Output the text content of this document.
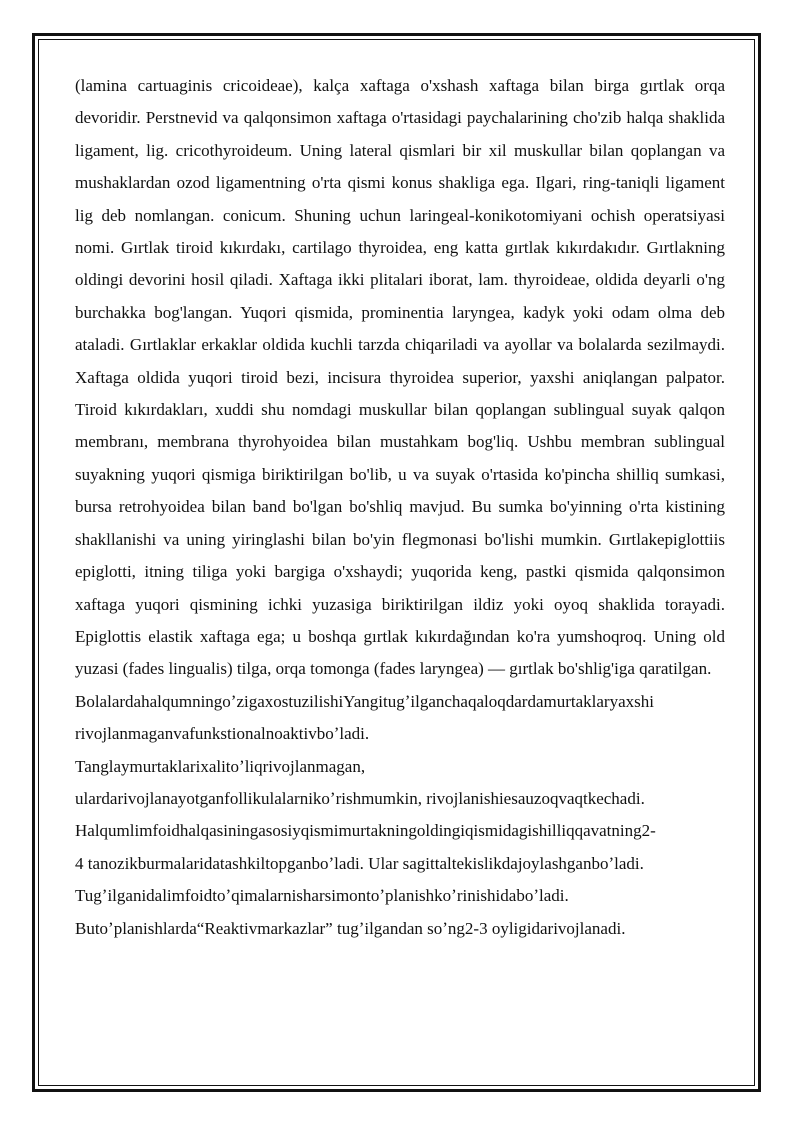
(lamina cartuaginis cricoideae), kalça xaftaga o'xshash xaftaga bilan birga gırtlak orqa devoridir. Perstnevid va qalqonsimon xaftaga o'rtasidagi paychalarining cho'zib halqa shaklida ligament, lig. cricothyroideum. Uning lateral qismlari bir xil muskullar bilan qoplangan va mushaklardan ozod ligamentning o'rta qismi konus shakliga ega. Ilgari, ring-taniqli ligament lig deb nomlangan. conicum. Shuning uchun laringeal-konikotomiyani ochish operatsiyasi nomi. Gırtlak tiroid kıkırdakı, cartilago thyroidea, eng katta gırtlak kıkırdakıdır. Gırtlakning oldingi devorini hosil qiladi. Xaftaga ikki plitalari iborat, lam. thyroideae, oldida deyarli o'ng burchakka bog'langan. Yuqori qismida, prominentia laryngea, kadyk yoki odam olma deb ataladi. Gırtlaklar erkaklar oldida kuchli tarzda chiqariladi va ayollar va bolalarda sezilmaydi. Xaftaga oldida yuqori tiroid bezi, incisura thyroidea superior, yaxshi aniqlangan palpator. Tiroid kıkırdakları, xuddi shu nomdagi muskullar bilan qoplangan sublingual suyak qalqon membranı, membrana thyrohyoidea bilan mustahkam bog'liq. Ushbu membran sublingual suyakning yuqori qismiga biriktirilgan bo'lib, u va suyak o'rtasida ko'pincha shilliq sumkasi, bursa retrohyoidea bilan band bo'lgan bo'shliq mavjud. Bu sumka bo'yinning o'rta kistining shakllanishi va uning yiringlashi bilan bo'yin flegmonasi bo'lishi mumkin. Gırtlakepiglottiis epiglotti, itning tiliga yoki bargiga o'xshaydi; yuqorida keng, pastki qismida qalqonsimon xaftaga yuqori qismining ichki yuzasiga biriktirilgan ildiz yoki oyoq shaklida torayadi. Epiglottis elastik xaftaga ega; u boshqa gırtlak kıkırdağından ko'ra yumshoqroq. Uning old yuzasi (fades lingualis) tilga, orqa tomonga (fades laryngea) — gırtlak bo'shlig'iga qaratilgan.

BolalardahalqumningoʼzigaxostuzilishiYangitugʼilganchaqaloqdardamurtaklaryaxshi

rivojlanmaganvafunkstionalnoaktivboʼladi.

Tanglaymurtaklarixalitoʼliqrivojlanmagan,

ulardarivojlanayotganfollikulalarnikoʼrishmumkin, rivojlanishiesauzoqvaqtkechadi.

Halqumlimfoidhalqasiningasosiyqismimurtakningoldingiqismidagishilliqqavatning2-

4 tanozikburmalaridatashkiltopganboʼladi. Ular sagittaltekislikdajoylashganboʼladi.

Tugʼilganidalimfoidtoʼqimalarnisharsimontoʼplanishkoʼrinishidaboʼladi.

Butoʼplanishlarda“Reaktivmarkazlar” tugʼilgandan soʼng2-3 oyligidarivojlanadi.
